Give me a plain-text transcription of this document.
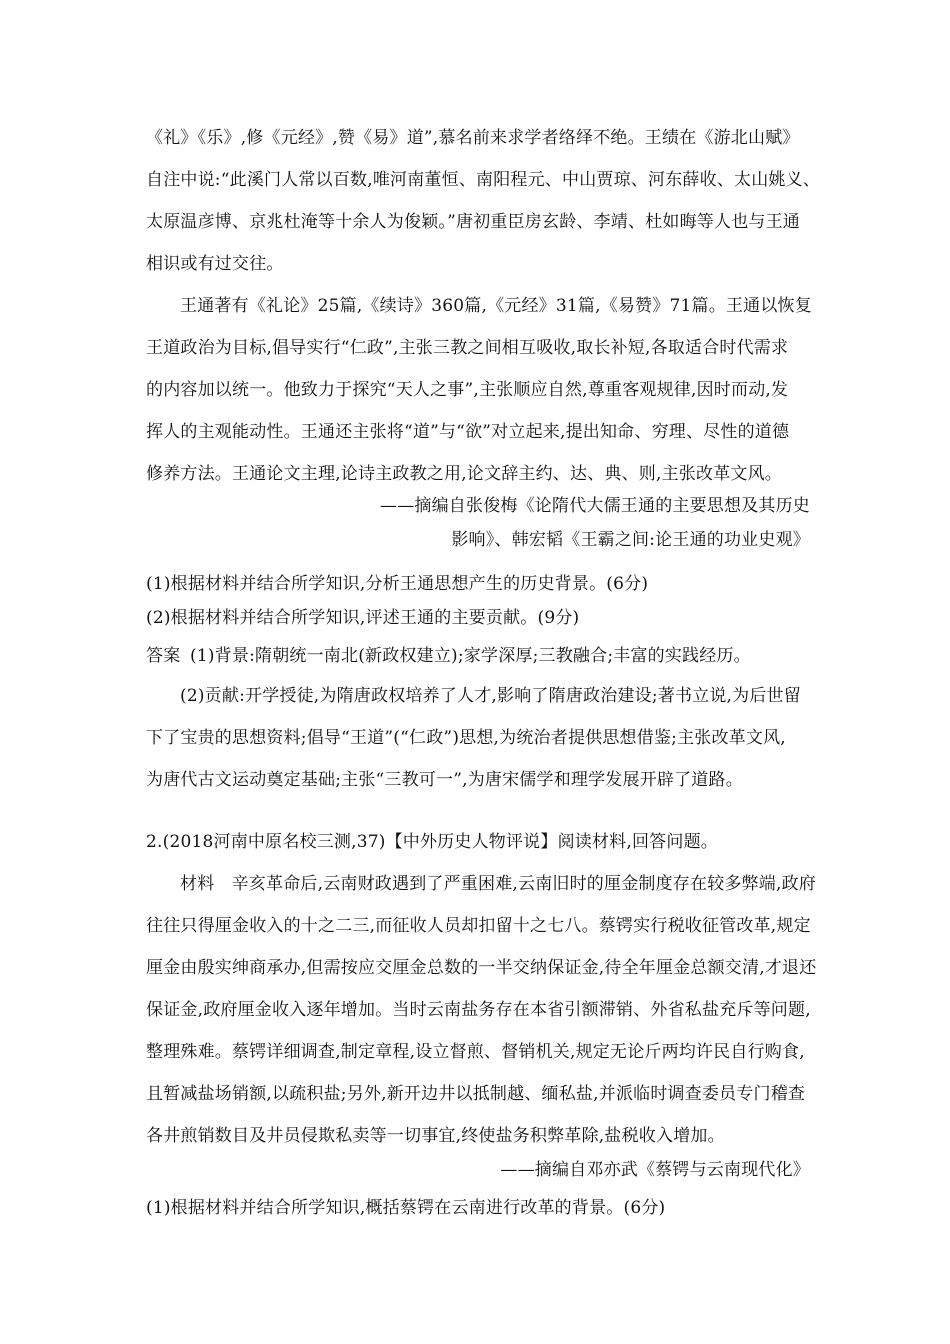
《礼》《乐》,修《元经》,赞《易》道”,慕名前来求学者络绎不绝。王绩在《游北山赋》
自注中说:“此溪门人常以百数,唯河南董恒、南阳程元、中山贾琼、河东薛收、太山姚义、
太原温彦博、京兆杜淹等十余人为俊颖。”唐初重臣房玄龄、李靖、杜如晦等人也与王通
相识或有过交往。
王通著有《礼论》25篇,《续诗》360篇,《元经》31篇,《易赞》71篇。王通以恢复
王道政治为目标,倡导实行“仁政”,主张三教之间相互吸收,取长补短,各取适合时代需求
的内容加以统一。他致力于探究“天人之事”,主张顺应自然,尊重客观规律,因时而动,发
挥人的主观能动性。王通还主张将“道”与“欲”对立起来,提出知命、穷理、尽性的道德
修养方法。王通论文主理,论诗主政教之用,论文辞主约、达、典、则,主张改革文风。
——摘编自张俊梅《论隋代大儒王通的主要思想及其历史
影响》、韩宏韬《王霸之间:论王通的功业史观》
(1)根据材料并结合所学知识,分析王通思想产生的历史背景。(6分)
(2)根据材料并结合所学知识,评述王通的主要贡献。(9分)
答案 (1)背景:隋朝统一南北(新政权建立);家学深厚;三教融合;丰富的实践经历。
(2)贡献:开学授徒,为隋唐政权培养了人才,影响了隋唐政治建设;著书立说,为后世留
下了宝贵的思想资料;倡导“王道”(“仁政”)思想,为统治者提供思想借鉴;主张改革文风,
为唐代古文运动奠定基础;主张“三教可一”,为唐宋儒学和理学发展开辟了道路。
2.(2018河南中原名校三测,37)【中外历史人物评说】阅读材料,回答问题。
材料　辛亥革命后,云南财政遇到了严重困难,云南旧时的厘金制度存在较多弊端,政府
往往只得厘金收入的十之二三,而征收人员却扣留十之七八。蔡锷实行税收征管改革,规定
厘金由殷实绅商承办,但需按应交厘金总数的一半交纳保证金,待全年厘金总额交清,才退还
保证金,政府厘金收入逐年增加。当时云南盐务存在本省引额滞销、外省私盐充斥等问题,
整理殊难。蔡锷详细调查,制定章程,设立督煎、督销机关,规定无论斤两均许民自行购食,
且暂减盐场销额,以疏积盐;另外,新开边井以抵制越、缅私盐,并派临时调查委员专门稽查
各井煎销数目及井员侵欺私卖等一切事宜,终使盐务积弊革除,盐税收入增加。
——摘编自邓亦武《蔡锷与云南现代化》
(1)根据材料并结合所学知识,概括蔡锷在云南进行改革的背景。(6分)
